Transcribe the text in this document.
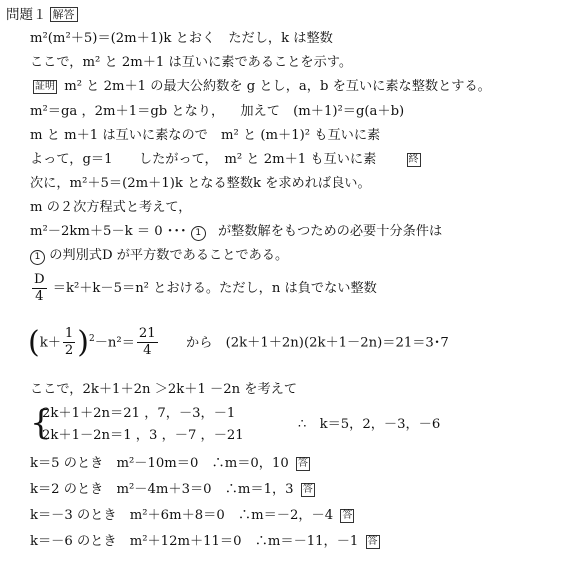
問題１ 解答
m²(m²＋5)＝(2m＋1)k とおく　ただし，k は整数
ここで，m² と 2m＋1 は互いに素であることを示す。
証明 m² と 2m＋1 の最大公約数を g とし，a，b を互いに素な整数とする。
m²＝ga ，2m＋1＝gb となり， 加えて　(m＋1)²＝g(a＋b)
m と m＋1 は互いに素なので　m² と (m＋1)² も互いに素
よって，g＝1　　したがって，　m² と 2m＋1 も互いに素	終
次に，m²＋5＝(2m＋1)k となる整数k を求めれば良い。
m の２次方程式と考えて，
m²－2km＋5－k ＝ 0 ･･･ 1 が整数解をもつための必要十分条件は
1 の判別式D が平方数であることである。
$\frac{D}{4} =k^2+k-5=n^2$ とおける。ただし，n は負でない整数
$(k+ \frac{1}{2} )^2-n^2= \frac{21}{4}$ 　　から　(2k＋1＋2n)(2k＋1－2n)＝21＝3･7
ここで，2k＋1＋2n ＞2k＋1 －2n を考えて
{
2k＋1＋2n＝21 ，7，－3，－1
2k＋1－2n＝1 ，3 ，－7 ，－21
∴　k＝5，2，－3，－6
k＝5 のとき　m²－10m＝0　∴m＝0，10 答
k＝2 のとき　m²－4m＋3＝0　∴m＝1，3 答
k＝－3 のとき　m²＋6m＋8＝0　∴m＝－2，－4 答
k＝－6 のとき　m²＋12m＋11＝0　∴m＝－11，－1 答
